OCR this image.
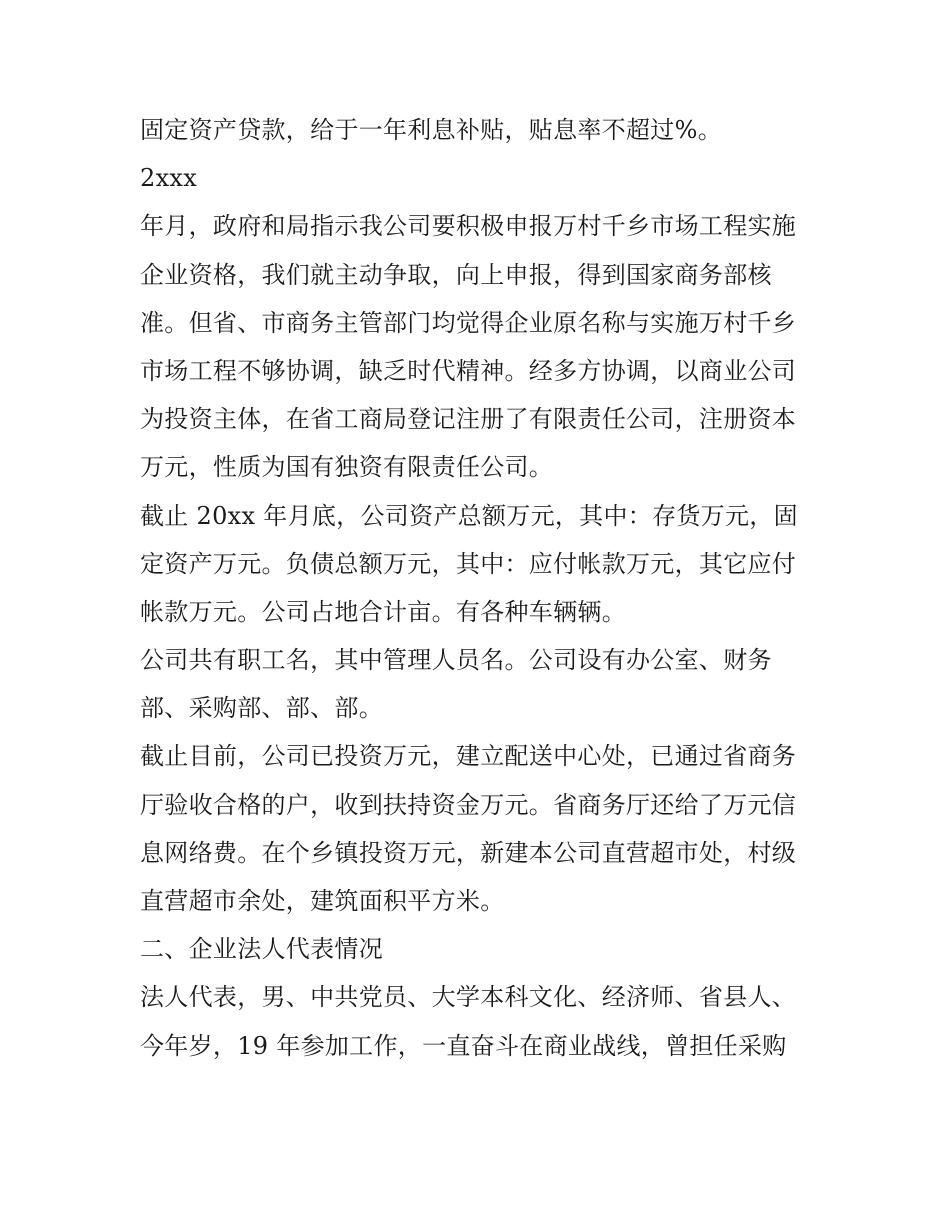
固定资产贷款，给于一年利息补贴，贴息率不超过%。

2xxx

年月，政府和局指示我公司要积极申报万村千乡市场工程实施
企业资格，我们就主动争取，向上申报，得到国家商务部核
准。但省、市商务主管部门均觉得企业原名称与实施万村千乡
市场工程不够协调，缺乏时代精神。经多方协调，以商业公司
为投资主体，在省工商局登记注册了有限责任公司，注册资本
万元，性质为国有独资有限责任公司。

截止 20xx 年月底，公司资产总额万元，其中：存货万元，固
定资产万元。负债总额万元，其中：应付帐款万元，其它应付
帐款万元。公司占地合计亩。有各种车辆辆。

公司共有职工名，其中管理人员名。公司设有办公室、财务
部、采购部、部、部。

截止目前，公司已投资万元，建立配送中心处，已通过省商务
厅验收合格的户，收到扶持资金万元。省商务厅还给了万元信
息网络费。在个乡镇投资万元，新建本公司直营超市处，村级
直营超市余处，建筑面积平方米。

二、企业法人代表情况

法人代表，男、中共党员、大学本科文化、经济师、省县人、
今年岁，19 年参加工作，一直奋斗在商业战线，曾担任采购
